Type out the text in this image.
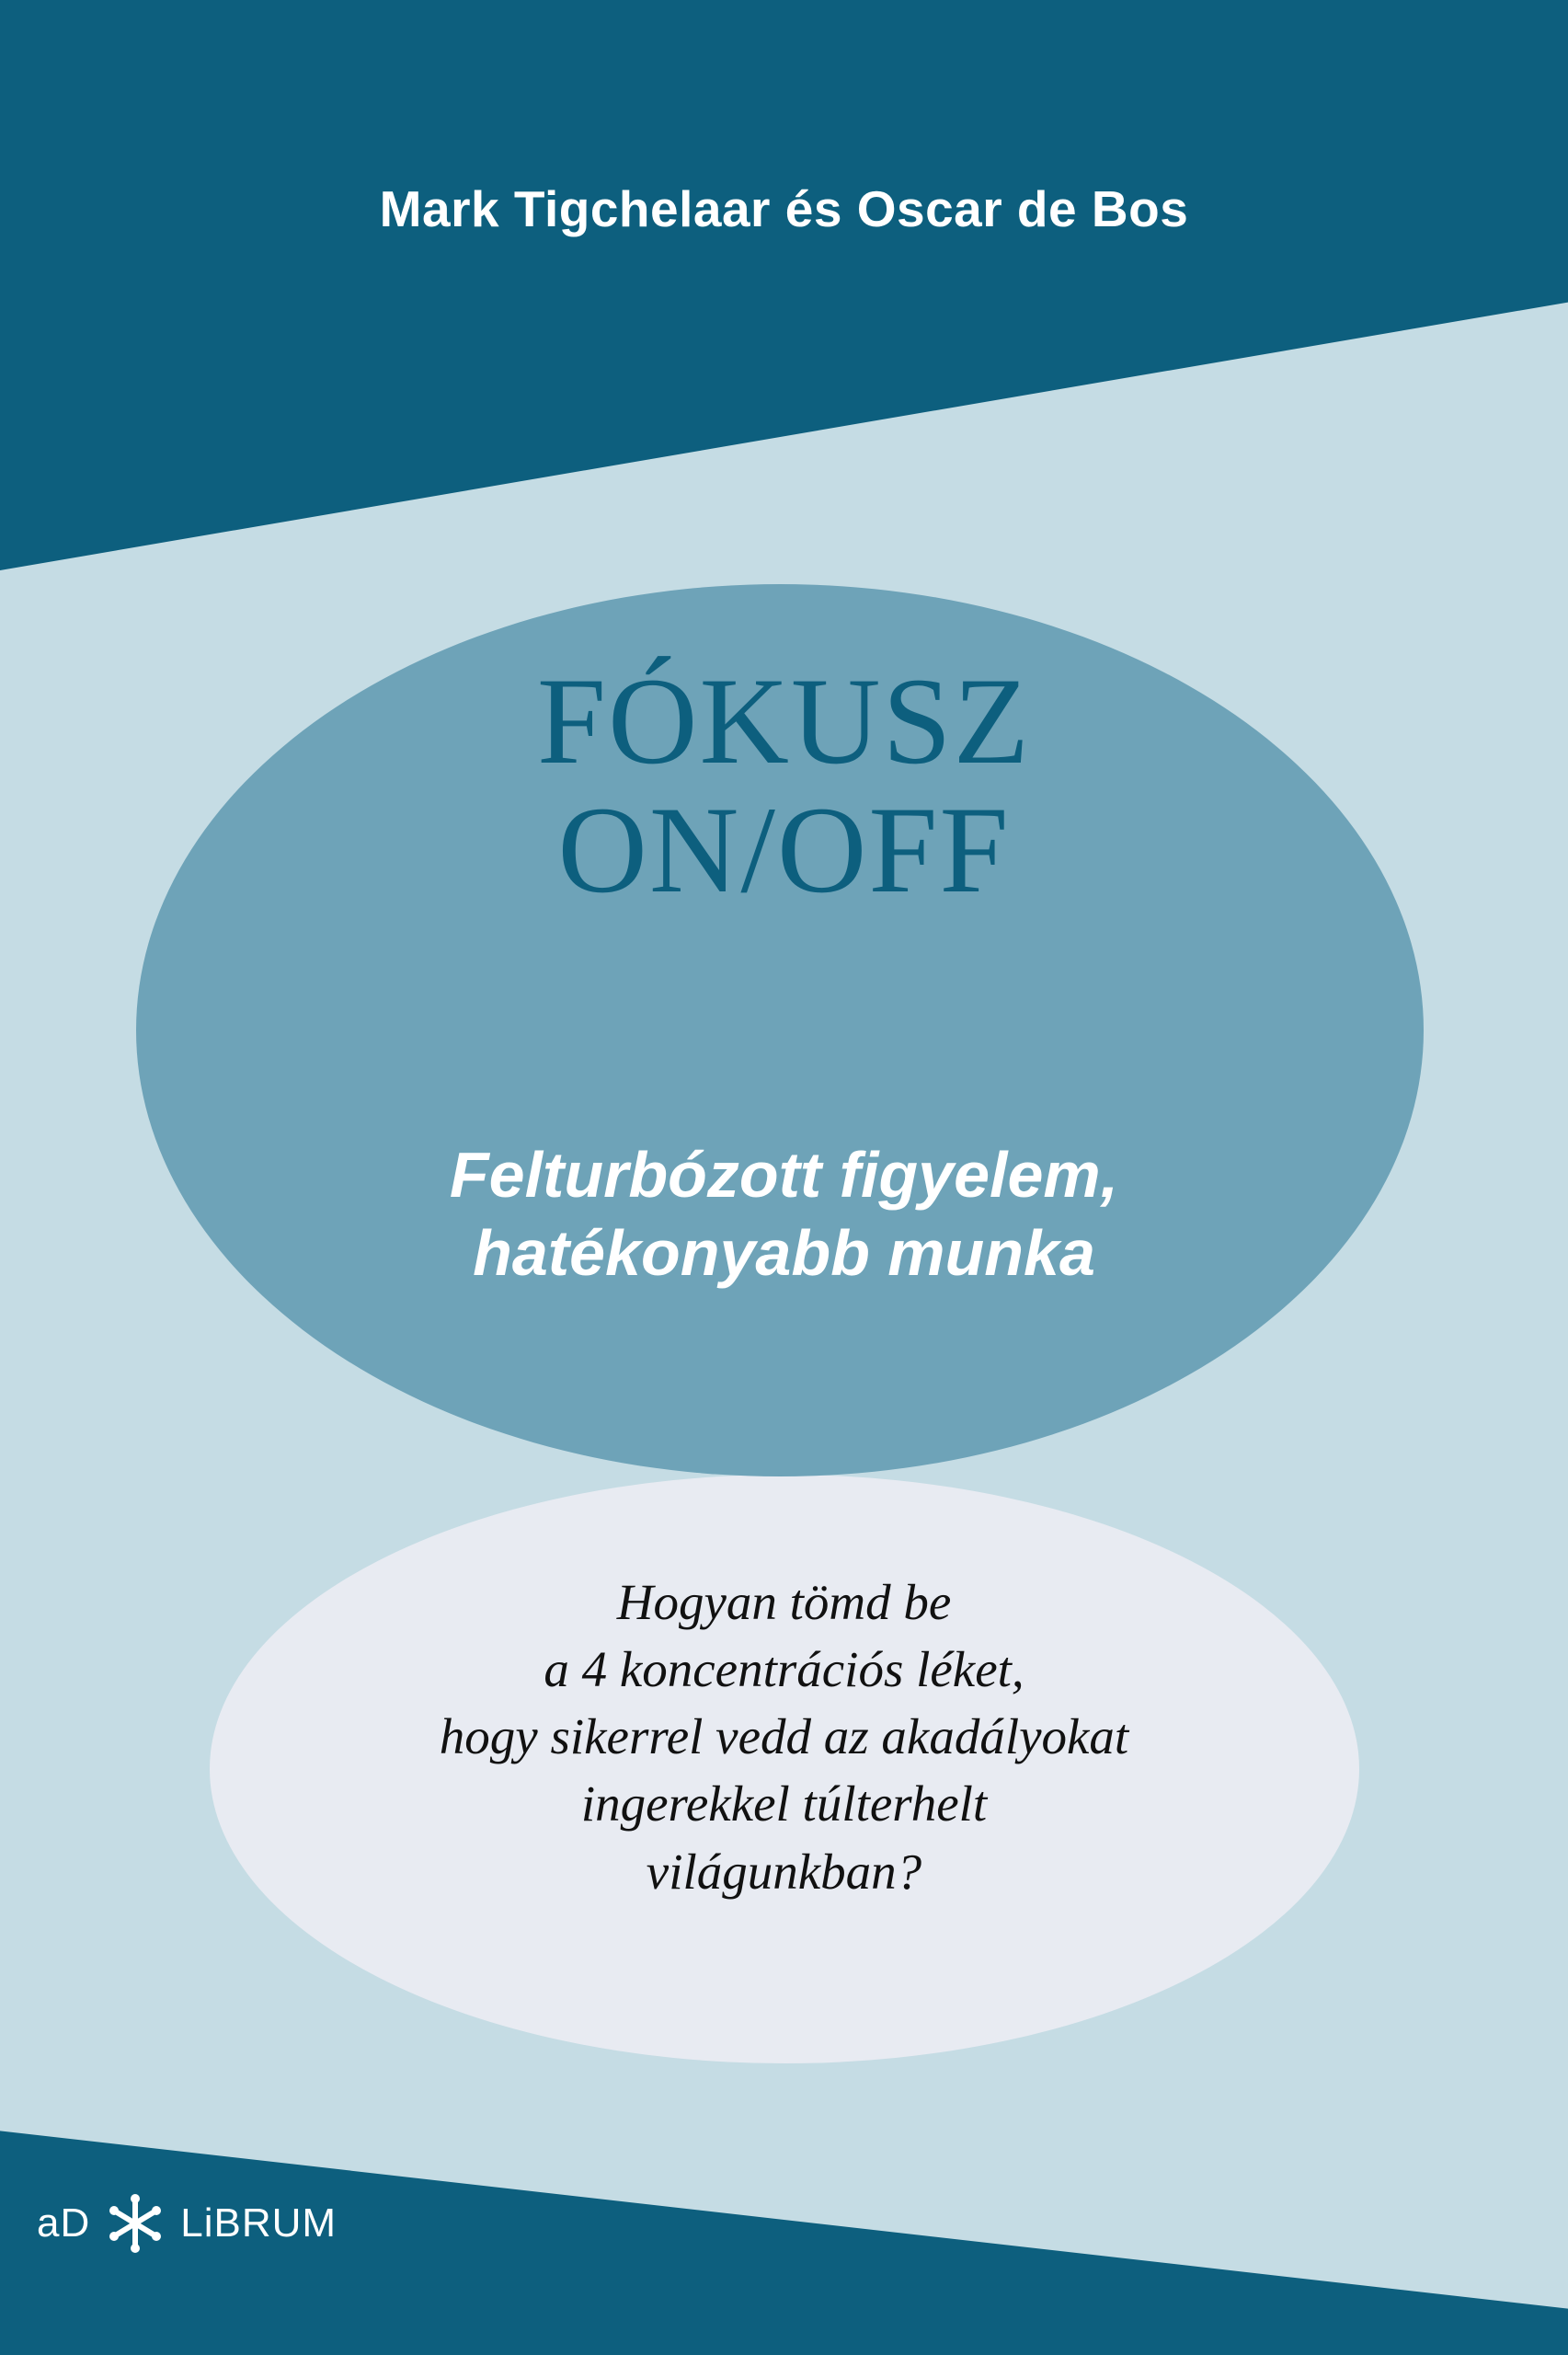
Mark Tigchelaar és Oscar de Bos
FÓKUSZ
ON/OFF
Felturbózott figyelem,
hatékonyabb munka
Hogyan tömd be
a 4 koncentrációs léket,
hogy sikerrel vedd az akadályokat
ingerekkel túlterhelt
világunkban?
aD LiBRUM
